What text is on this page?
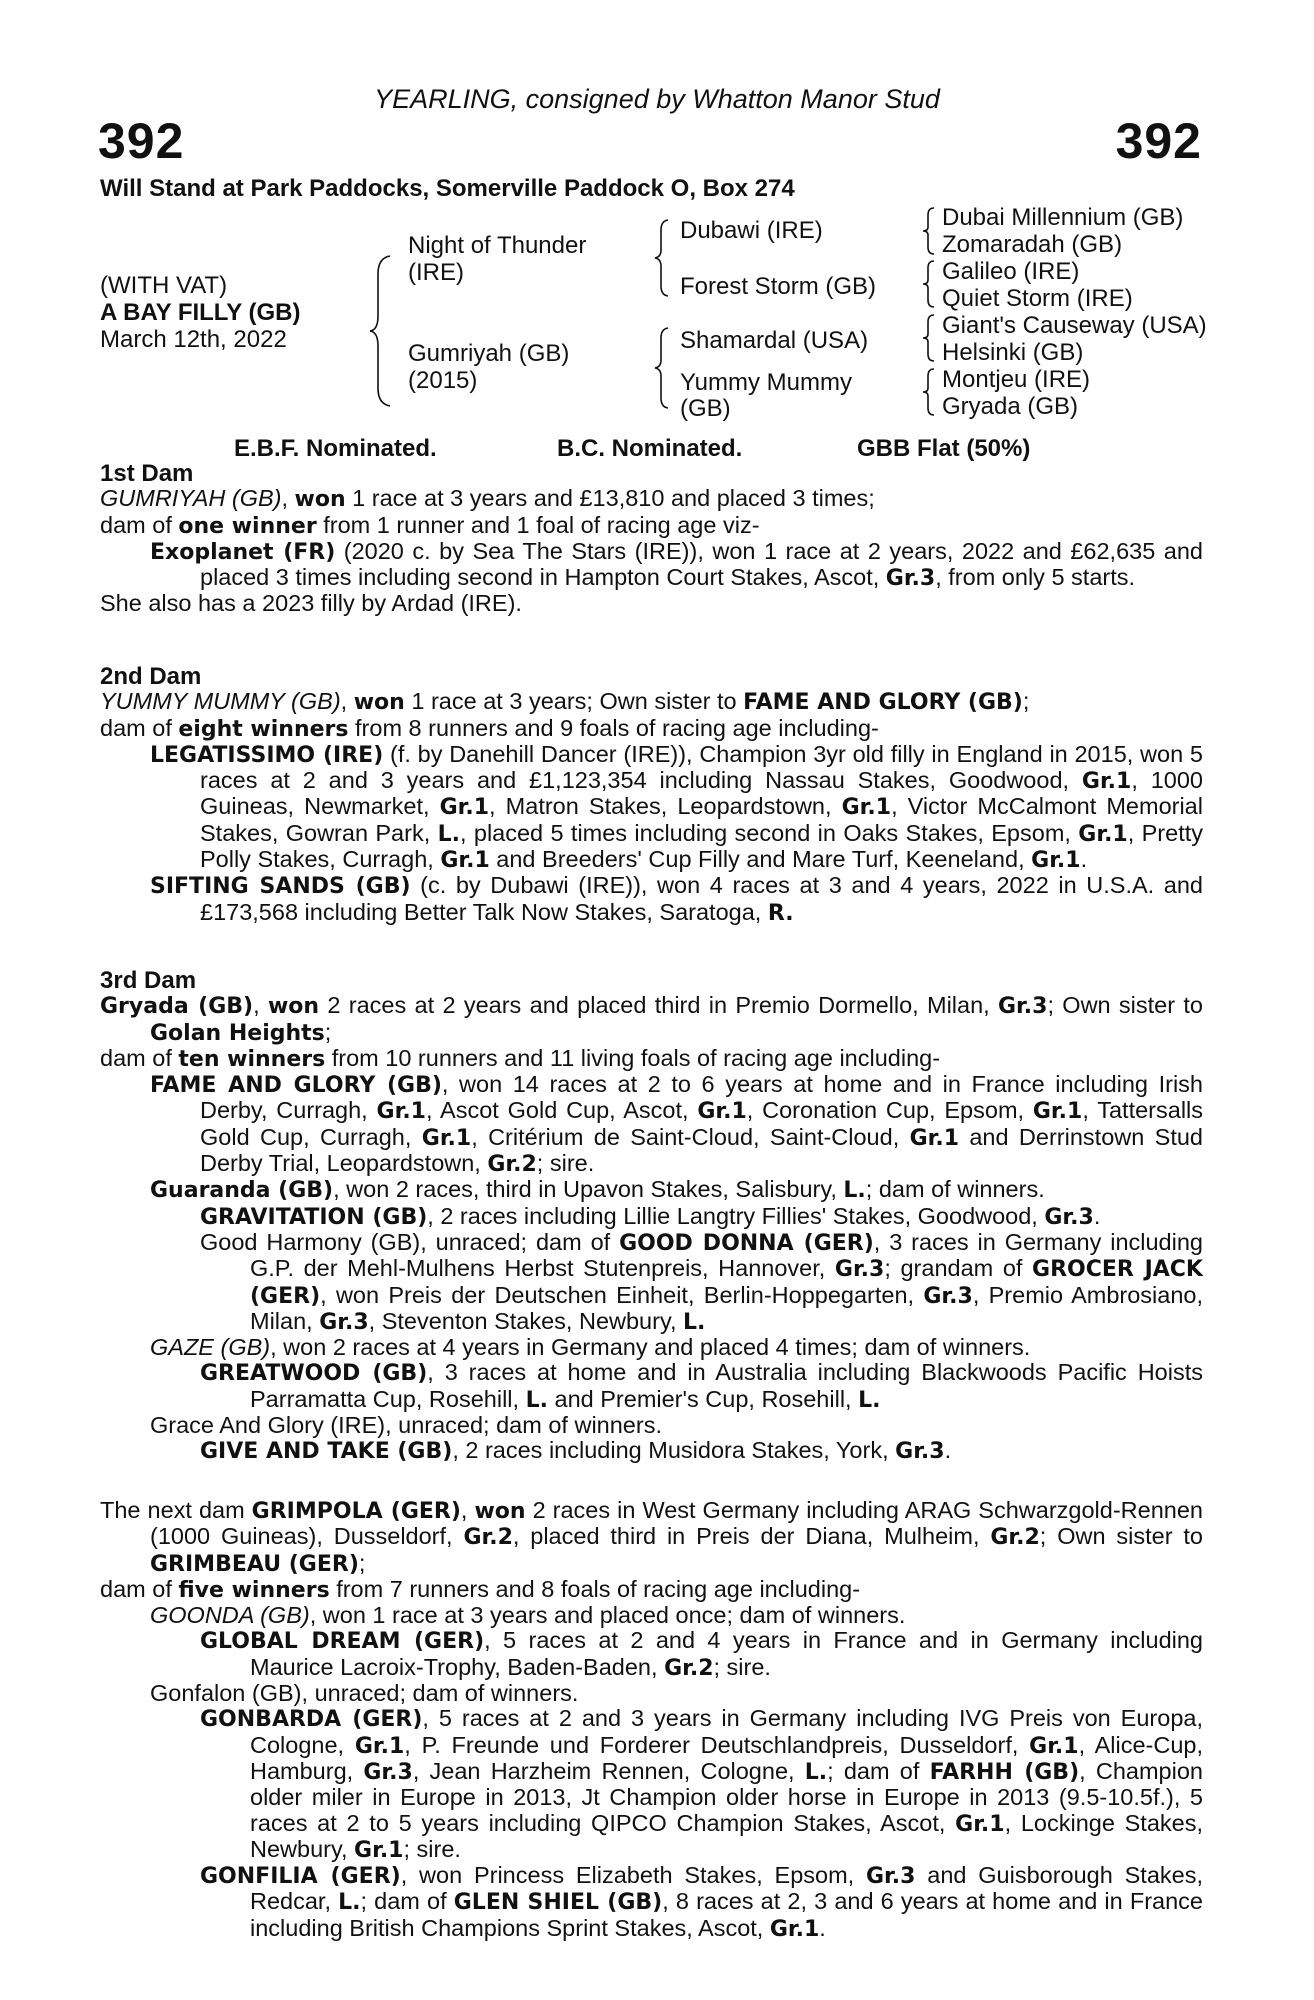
YEARLING, consigned by Whatton Manor Stud
392	392
Will Stand at Park Paddocks, Somerville Paddock O, Box 274
(WITH VAT)
A BAY FILLY (GB)
March 12th, 2022
Night of Thunder
(IRE)
Gumriyah (GB)
(2015)
Dubawi (IRE)
Forest Storm (GB)
Shamardal (USA)
Yummy Mummy
(GB)
Dubai Millennium (GB)
Zomaradah (GB)
Galileo (IRE)
Quiet Storm (IRE)
Giant's Causeway (USA)
Helsinki (GB)
Montjeu (IRE)
Gryada (GB)
E.B.F. Nominated.	B.C. Nominated.	GBB Flat (50%)

1st Dam

GUMRIYAH (GB), won 1 race at 3 years and £13,810 and placed 3 times;

dam of one winner from 1 runner and 1 foal of racing age viz-

Exoplanet (FR) (2020 c. by Sea The Stars (IRE)), won 1 race at 2 years, 2022 and £62,635 and placed 3 times including second in Hampton Court Stakes, Ascot, Gr.3, from only 5 starts.

She also has a 2023 filly by Ardad (IRE).

2nd Dam

YUMMY MUMMY (GB), won 1 race at 3 years; Own sister to FAME AND GLORY (GB);

dam of eight winners from 8 runners and 9 foals of racing age including-

LEGATISSIMO (IRE) (f. by Danehill Dancer (IRE)), Champion 3yr old filly in England in 2015, won 5 races at 2 and 3 years and £1,123,354 including Nassau Stakes, Goodwood, Gr.1, 1000 Guineas, Newmarket, Gr.1, Matron Stakes, Leopardstown, Gr.1, Victor McCalmont Memorial Stakes, Gowran Park, L., placed 5 times including second in Oaks Stakes, Epsom, Gr.1, Pretty Polly Stakes, Curragh, Gr.1 and Breeders' Cup Filly and Mare Turf, Keeneland, Gr.1.

SIFTING SANDS (GB) (c. by Dubawi (IRE)), won 4 races at 3 and 4 years, 2022 in U.S.A. and £173,568 including Better Talk Now Stakes, Saratoga, R.

3rd Dam

Gryada (GB), won 2 races at 2 years and placed third in Premio Dormello, Milan, Gr.3; Own sister to Golan Heights;

dam of ten winners from 10 runners and 11 living foals of racing age including-

FAME AND GLORY (GB), won 14 races at 2 to 6 years at home and in France including Irish Derby, Curragh, Gr.1, Ascot Gold Cup, Ascot, Gr.1, Coronation Cup, Epsom, Gr.1, Tattersalls Gold Cup, Curragh, Gr.1, Critérium de Saint-Cloud, Saint-Cloud, Gr.1 and Derrinstown Stud Derby Trial, Leopardstown, Gr.2; sire.

Guaranda (GB), won 2 races, third in Upavon Stakes, Salisbury, L.; dam of winners.

GRAVITATION (GB), 2 races including Lillie Langtry Fillies' Stakes, Goodwood, Gr.3.

Good Harmony (GB), unraced; dam of GOOD DONNA (GER), 3 races in Germany including G.P. der Mehl-Mulhens Herbst Stutenpreis, Hannover, Gr.3; grandam of GROCER JACK (GER), won Preis der Deutschen Einheit, Berlin-Hoppegarten, Gr.3, Premio Ambrosiano, Milan, Gr.3, Steventon Stakes, Newbury, L.

GAZE (GB), won 2 races at 4 years in Germany and placed 4 times; dam of winners.

GREATWOOD (GB), 3 races at home and in Australia including Blackwoods Pacific Hoists Parramatta Cup, Rosehill, L. and Premier's Cup, Rosehill, L.

Grace And Glory (IRE), unraced; dam of winners.

GIVE AND TAKE (GB), 2 races including Musidora Stakes, York, Gr.3.

The next dam GRIMPOLA (GER), won 2 races in West Germany including ARAG Schwarzgold-Rennen (1000 Guineas), Dusseldorf, Gr.2, placed third in Preis der Diana, Mulheim, Gr.2; Own sister to GRIMBEAU (GER);

dam of five winners from 7 runners and 8 foals of racing age including-

GOONDA (GB), won 1 race at 3 years and placed once; dam of winners.

GLOBAL DREAM (GER), 5 races at 2 and 4 years in France and in Germany including Maurice Lacroix-Trophy, Baden-Baden, Gr.2; sire.

Gonfalon (GB), unraced; dam of winners.

GONBARDA (GER), 5 races at 2 and 3 years in Germany including IVG Preis von Europa, Cologne, Gr.1, P. Freunde und Forderer Deutschlandpreis, Dusseldorf, Gr.1, Alice-Cup, Hamburg, Gr.3, Jean Harzheim Rennen, Cologne, L.; dam of FARHH (GB), Champion older miler in Europe in 2013, Jt Champion older horse in Europe in 2013 (9.5-10.5f.), 5 races at 2 to 5 years including QIPCO Champion Stakes, Ascot, Gr.1, Lockinge Stakes, Newbury, Gr.1; sire.

GONFILIA (GER), won Princess Elizabeth Stakes, Epsom, Gr.3 and Guisborough Stakes, Redcar, L.; dam of GLEN SHIEL (GB), 8 races at 2, 3 and 6 years at home and in France including British Champions Sprint Stakes, Ascot, Gr.1.
